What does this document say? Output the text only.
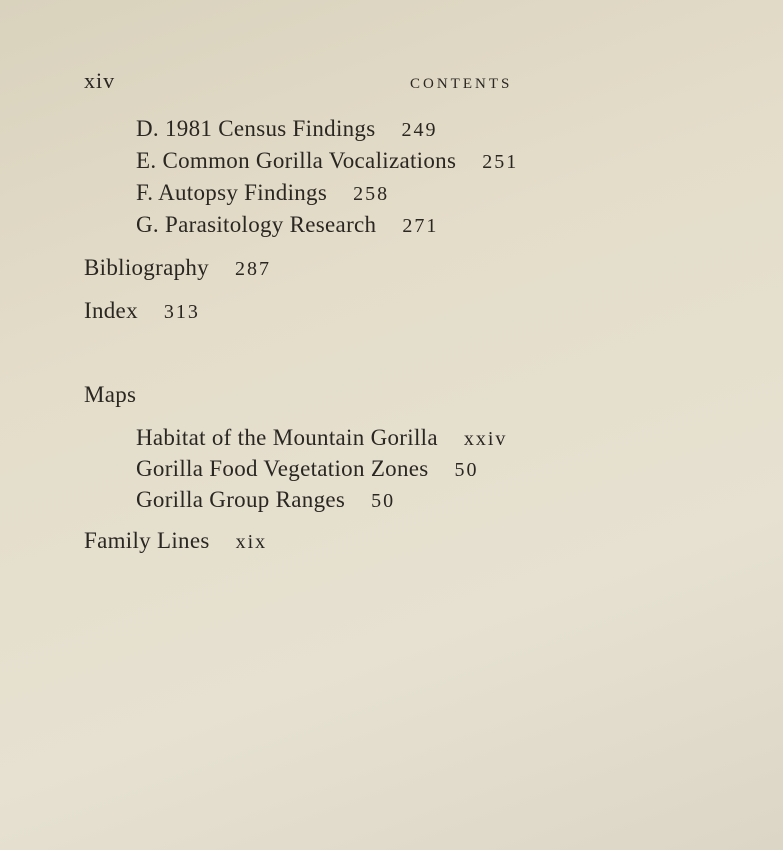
xiv	CONTENTS
D. 1981 Census Findings 249
E. Common Gorilla Vocalizations 251
F. Autopsy Findings 258
G. Parasitology Research 271
Bibliography 287
Index 313
Maps
Habitat of the Mountain Gorilla xxiv
Gorilla Food Vegetation Zones 50
Gorilla Group Ranges 50
Family Lines xix
